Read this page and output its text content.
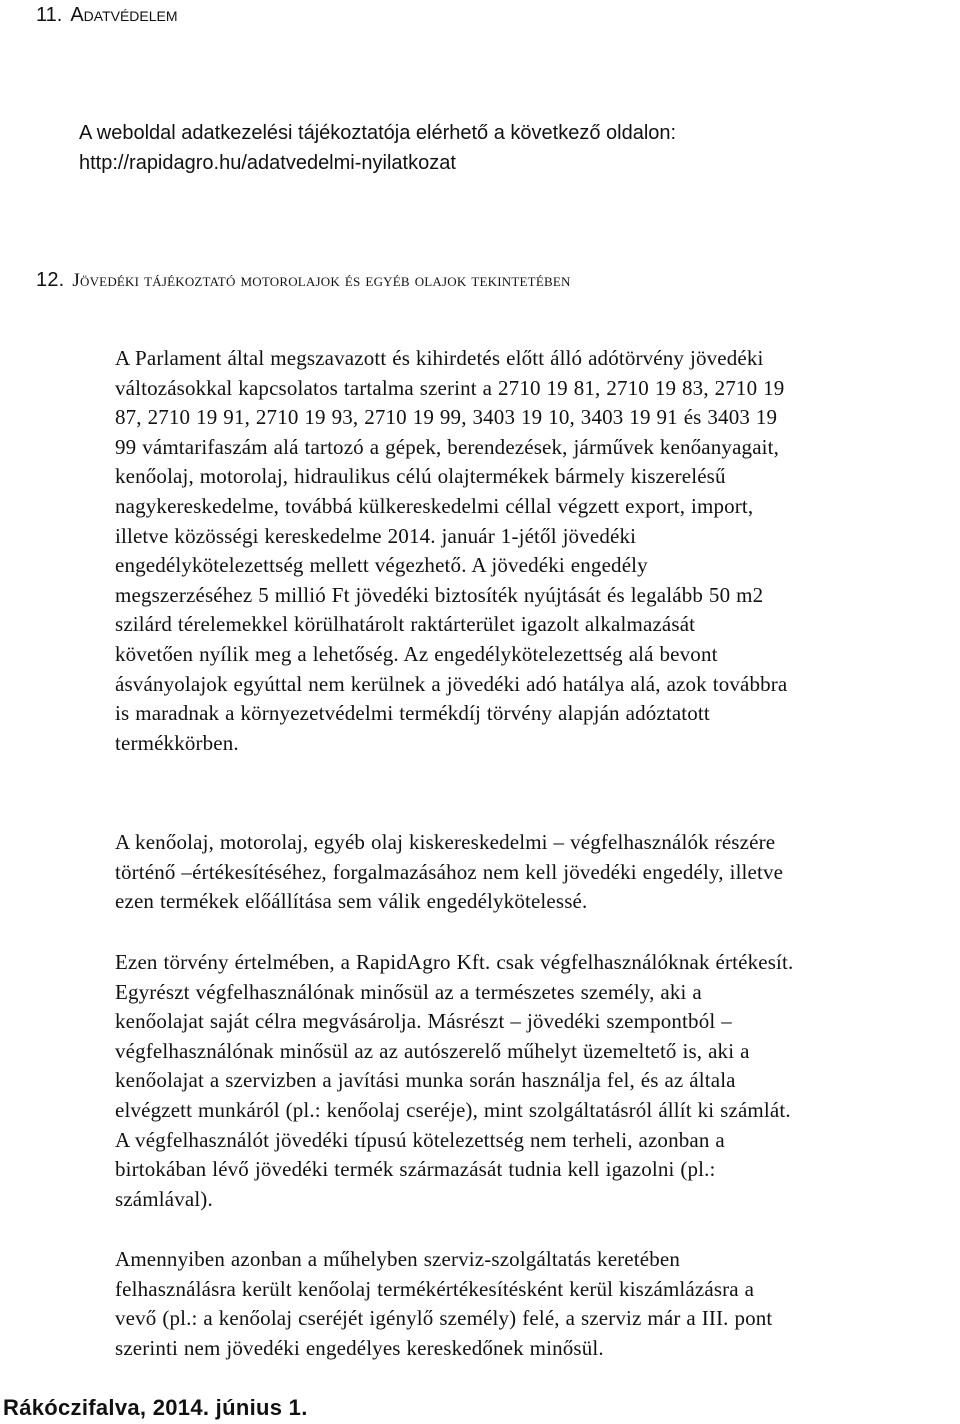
11. Adatvédelem

A weboldal adatkezelési tájékoztatója elérhető a következő oldalon:
http://rapidagro.hu/adatvedelmi-nyilatkozat

12. Jövedéki tájékoztató motorolajok és egyéb olajok tekintetében

A Parlament által megszavazott és kihirdetés előtt álló adótörvény jövedéki
változásokkal kapcsolatos tartalma szerint a 2710 19 81, 2710 19 83, 2710 19
87, 2710 19 91, 2710 19 93, 2710 19 99, 3403 19 10, 3403 19 91 és 3403 19
99 vámtarifaszám alá tartozó a gépek, berendezések, járművek kenőanyagait,
kenőolaj, motorolaj, hidraulikus célú olajtermékek bármely kiszerelésű
nagykereskedelme, továbbá külkereskedelmi céllal végzett export, import,
illetve közösségi kereskedelme 2014. január 1-jétől jövedéki
engedélykötelezettség mellett végezhető. A jövedéki engedély
megszerzéséhez 5 millió Ft jövedéki biztosíték nyújtását és legalább 50 m2
szilárd térelemekkel körülhatárolt raktárterület igazolt alkalmazását
követően nyílik meg a lehetőség. Az engedélykötelezettség alá bevont
ásványolajok egyúttal nem kerülnek a jövedéki adó hatálya alá, azok továbbra
is maradnak a környezetvédelmi termékdíj törvény alapján adóztatott
termékkörben.

A kenőolaj, motorolaj, egyéb olaj kiskereskedelmi – végfelhasználók részére
történő –értékesítéséhez, forgalmazásához nem kell jövedéki engedély, illetve
ezen termékek előállítása sem válik engedélykötelessé.

Ezen törvény értelmében, a RapidAgro Kft. csak végfelhasználóknak értékesít.
Egyrészt végfelhasználónak minősül az a természetes személy, aki a
kenőolajat saját célra megvásárolja. Másrészt – jövedéki szempontból –
végfelhasználónak minősül az az autószerelő műhelyt üzemeltető is, aki a
kenőolajat a szervizben a javítási munka során használja fel, és az általa
elvégzett munkáról (pl.: kenőolaj cseréje), mint szolgáltatásról állít ki számlát.
A végfelhasználót jövedéki típusú kötelezettség nem terheli, azonban a
birtokában lévő jövedéki termék származását tudnia kell igazolni (pl.:
számlával).

Amennyiben azonban a műhelyben szerviz-szolgáltatás keretében
felhasználásra került kenőolaj termékértékesítésként kerül kiszámlázásra a
vevő (pl.: a kenőolaj cseréjét igénylő személy) felé, a szerviz már a III. pont
szerinti nem jövedéki engedélyes kereskedőnek minősül.

Rákóczifalva, 2014. június 1.
